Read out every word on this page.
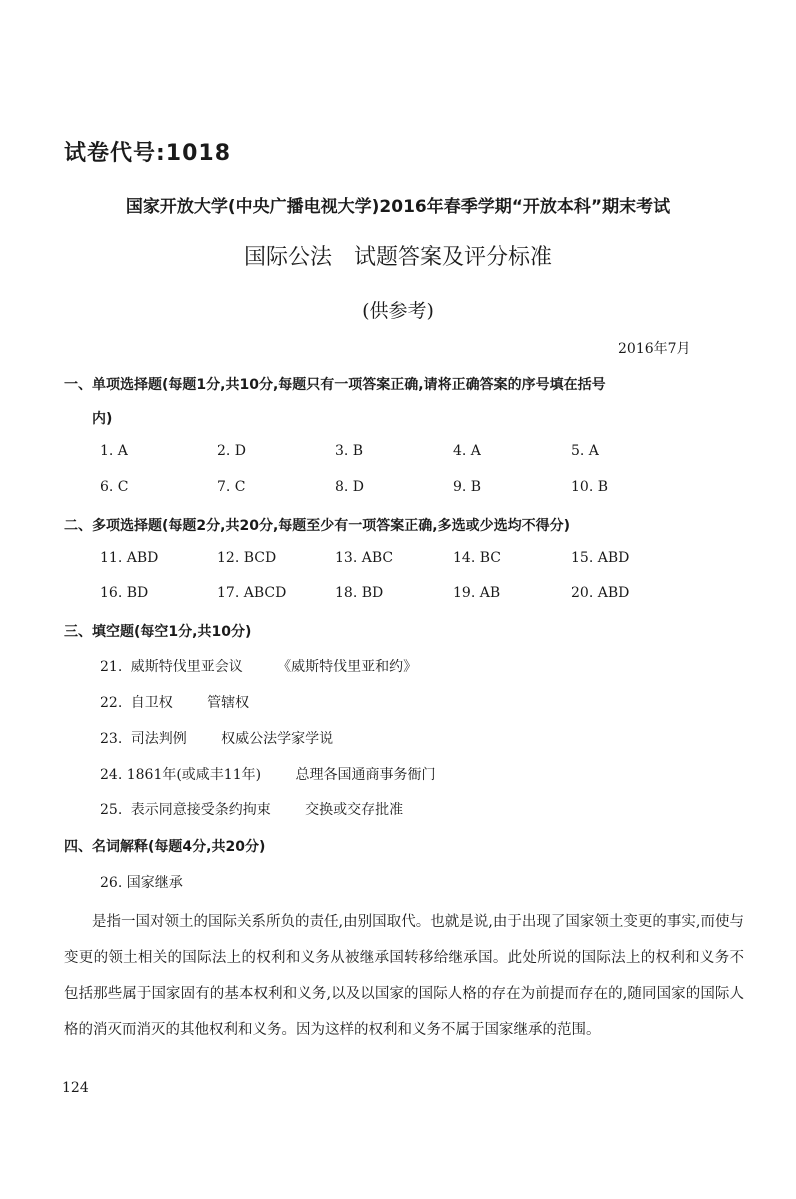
试卷代号:1018
国家开放大学(中央广播电视大学)2016年春季学期“开放本科”期末考试
国际公法　试题答案及评分标准
(供参考)
2016年7月
一、单项选择题(每题1分,共10分,每题只有一项答案正确,请将正确答案的序号填在括号
内)
1. A	2. D	3. B	4. A	5. A
6. C	7. C	8. D	9. B	10. B
二、多项选择题(每题2分,共20分,每题至少有一项答案正确,多选或少选均不得分)
11. ABD	12. BCD	13. ABC	14. BC	15. ABD
16. BD	17. ABCD	18. BD	19. AB	20. ABD
三、填空题(每空1分,共10分)
21. 威斯特伐里亚会议 《威斯特伐里亚和约》
22. 自卫权 管辖权
23. 司法判例 权威公法学家学说
24. 1861年(或咸丰11年) 总理各国通商事务衙门
25. 表示同意接受条约拘束 交换或交存批准
四、名词解释(每题4分,共20分)
26. 国家继承
是指一国对领土的国际关系所负的责任,由别国取代。也就是说,由于出现了国家领土变更的事实,而使与变更的领土相关的国际法上的权利和义务从被继承国转移给继承国。此处所说的国际法上的权利和义务不包括那些属于国家固有的基本权利和义务,以及以国家的国际人格的存在为前提而存在的,随同国家的国际人格的消灭而消灭的其他权利和义务。因为这样的权利和义务不属于国家继承的范围。
124
